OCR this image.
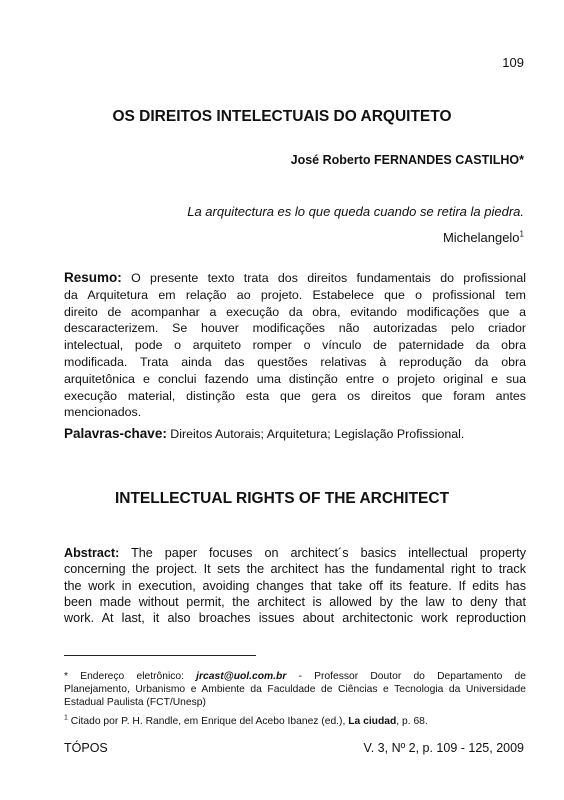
109
OS DIREITOS INTELECTUAIS DO ARQUITETO
José Roberto FERNANDES CASTILHO*
La arquitectura es lo que queda cuando se retira la piedra.
Michelangelo$^1$
Resumo: O presente texto trata dos direitos fundamentais do profissional
da Arquitetura em relação ao projeto. Estabelece que o profissional tem
direito de acompanhar a execução da obra, evitando modificações que a
descaracterizem. Se houver modificações não autorizadas pelo criador
intelectual, pode o arquiteto romper o vínculo de paternidade da obra
modificada. Trata ainda das questões relativas à reprodução da obra
arquitetônica e conclui fazendo uma distinção entre o projeto original e sua
execução material, distinção esta que gera os direitos que foram antes
mencionados.
Palavras-chave: Direitos Autorais; Arquitetura; Legislação Profissional.
INTELLECTUAL RIGHTS OF THE ARCHITECT
Abstract: The paper focuses on architect´s basics intellectual property
concerning the project. It sets the architect has the fundamental right to track
the work in execution, avoiding changes that take off its feature. If edits has
been made without permit, the architect is allowed by the law to deny that
work. At last, it also broaches issues about architectonic work reproduction
* Endereço eletrônico: jrcast@uol.com.br - Professor Doutor do Departamento de
Planejamento, Urbanismo e Ambiente da Faculdade de Ciências e Tecnologia da Universidade
Estadual Paulista (FCT/Unesp)
$^1$ Citado por P. H. Randle, em Enrique del Acebo Ibanez (ed.), La ciudad, p. 68.
TÓPOS	V. 3, Nº 2, p. 109 - 125, 2009
